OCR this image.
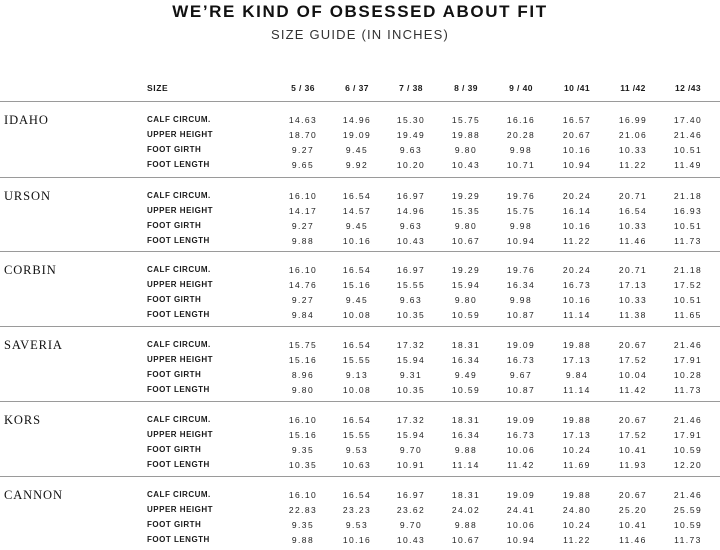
WE’RE KIND OF OBSESSED ABOUT FIT
SIZE GUIDE (IN INCHES)
SIZE	5 / 36	6 / 37	7 / 38	8 / 39	9 / 40	10 /41	11 /42	12 /43
IDAHO	CALF CIRCUM.	14.63	14.96	15.30	15.75	16.16	16.57	16.99	17.40
UPPER HEIGHT	18.70	19.09	19.49	19.88	20.28	20.67	21.06	21.46
FOOT GIRTH	9.27	9.45	9.63	9.80	9.98	10.16	10.33	10.51
FOOT LENGTH	9.65	9.92	10.20	10.43	10.71	10.94	11.22	11.49
URSON	CALF CIRCUM.	16.10	16.54	16.97	19.29	19.76	20.24	20.71	21.18
UPPER HEIGHT	14.17	14.57	14.96	15.35	15.75	16.14	16.54	16.93
FOOT GIRTH	9.27	9.45	9.63	9.80	9.98	10.16	10.33	10.51
FOOT LENGTH	9.88	10.16	10.43	10.67	10.94	11.22	11.46	11.73
CORBIN	CALF CIRCUM.	16.10	16.54	16.97	19.29	19.76	20.24	20.71	21.18
UPPER HEIGHT	14.76	15.16	15.55	15.94	16.34	16.73	17.13	17.52
FOOT GIRTH	9.27	9.45	9.63	9.80	9.98	10.16	10.33	10.51
FOOT LENGTH	9.84	10.08	10.35	10.59	10.87	11.14	11.38	11.65
SAVERIA	CALF CIRCUM.	15.75	16.54	17.32	18.31	19.09	19.88	20.67	21.46
UPPER HEIGHT	15.16	15.55	15.94	16.34	16.73	17.13	17.52	17.91
FOOT GIRTH	8.96	9.13	9.31	9.49	9.67	9.84	10.04	10.28
FOOT LENGTH	9.80	10.08	10.35	10.59	10.87	11.14	11.42	11.73
KORS	CALF CIRCUM.	16.10	16.54	17.32	18.31	19.09	19.88	20.67	21.46
UPPER HEIGHT	15.16	15.55	15.94	16.34	16.73	17.13	17.52	17.91
FOOT GIRTH	9.35	9.53	9.70	9.88	10.06	10.24	10.41	10.59
FOOT LENGTH	10.35	10.63	10.91	11.14	11.42	11.69	11.93	12.20
CANNON	CALF CIRCUM.	16.10	16.54	16.97	18.31	19.09	19.88	20.67	21.46
UPPER HEIGHT	22.83	23.23	23.62	24.02	24.41	24.80	25.20	25.59
FOOT GIRTH	9.35	9.53	9.70	9.88	10.06	10.24	10.41	10.59
FOOT LENGTH	9.88	10.16	10.43	10.67	10.94	11.22	11.46	11.73
